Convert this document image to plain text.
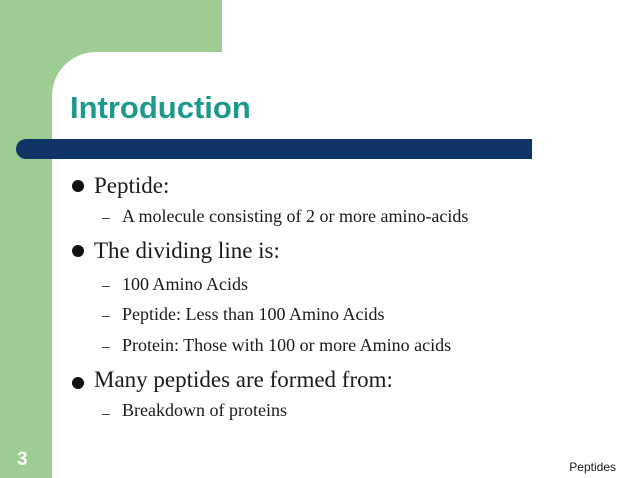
Introduction
Peptide:
– A molecule consisting of 2 or more amino-acids
The dividing line is:
– 100 Amino Acids
– Peptide: Less than 100 Amino Acids
– Protein: Those with 100 or more Amino acids
Many peptides are formed from:
– Breakdown of proteins
3	Peptides
